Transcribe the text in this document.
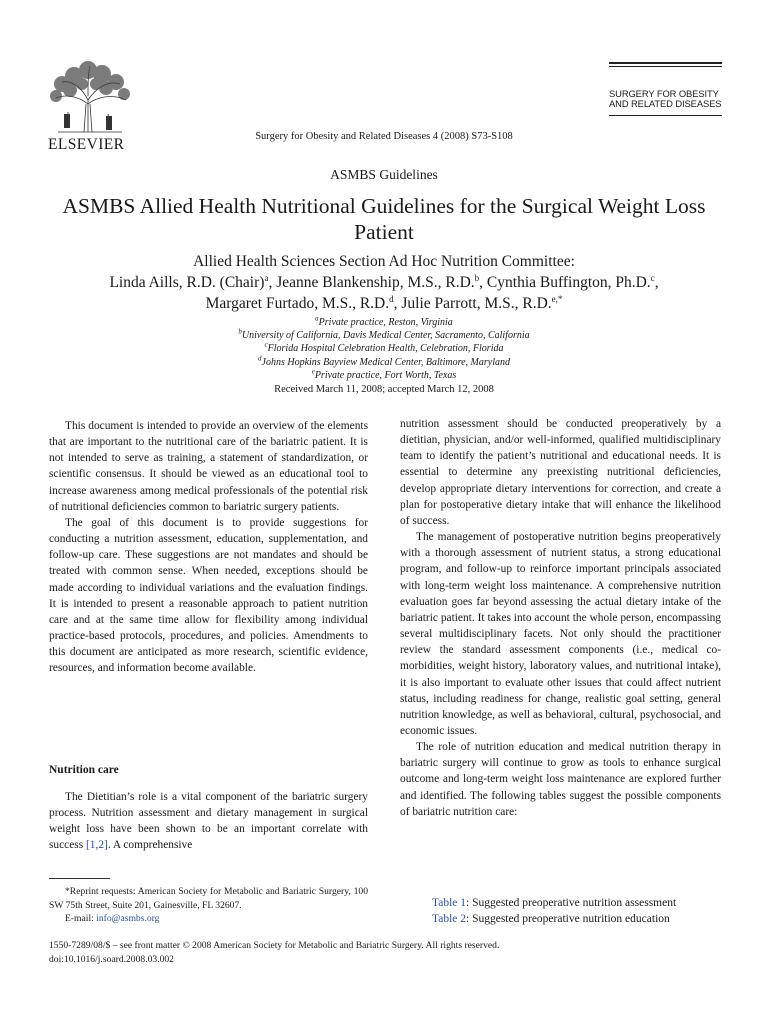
ELSEVIER	Surgery for Obesity and Related Diseases 4 (2008) S73-S108
SURGERY FOR OBESITY
AND RELATED DISEASES
ASMBS Guidelines
ASMBS Allied Health Nutritional Guidelines for the Surgical Weight Loss Patient
Allied Health Sciences Section Ad Hoc Nutrition Committee:
Linda Aills, R.D. (Chair)$^a$, Jeanne Blankenship, M.S., R.D.$^b$, Cynthia Buffington, Ph.D.$^c$,
Margaret Furtado, M.S., R.D.$^d$, Julie Parrott, M.S., R.D.$^{e,*}$
$^a$Private practice, Reston, Virginia
$^b$University of California, Davis Medical Center, Sacramento, California
$^c$Florida Hospital Celebration Health, Celebration, Florida
$^d$Johns Hopkins Bayview Medical Center, Baltimore, Maryland
$^e$Private practice, Fort Worth, Texas
Received March 11, 2008; accepted March 12, 2008

This document is intended to provide an overview of the elements that are important to the nutritional care of the bariatric patient. It is not intended to serve as training, a statement of standardization, or scientific consensus. It should be viewed as an educational tool to increase awareness among medical professionals of the potential risk of nutritional deficiencies common to bariatric surgery patients.

The goal of this document is to provide suggestions for conducting a nutrition assessment, education, supplementation, and follow-up care. These suggestions are not mandates and should be treated with common sense. When needed, exceptions should be made according to individual variations and the evaluation findings. It is intended to present a reasonable approach to patient nutrition care and at the same time allow for flexibility among individual practice-based protocols, procedures, and policies. Amendments to this document are anticipated as more research, scientific evidence, resources, and information become available.

Nutrition care

The Dietitian’s role is a vital component of the bariatric surgery process. Nutrition assessment and dietary management in surgical weight loss have been shown to be an important correlate with success [1,2]. A comprehensive

*Reprint requests: American Society for Metabolic and Bariatric Surgery, 100 SW 75th Street, Suite 201, Gainesville, FL 32607.

E-mail: info@asmbs.org

nutrition assessment should be conducted preoperatively by a dietitian, physician, and/or well-informed, qualified multidisciplinary team to identify the patient’s nutritional and educational needs. It is essential to determine any preexisting nutritional deficiencies, develop appropriate dietary interventions for correction, and create a plan for postoperative dietary intake that will enhance the likelihood of success.

The management of postoperative nutrition begins preoperatively with a thorough assessment of nutrient status, a strong educational program, and follow-up to reinforce important principals associated with long-term weight loss maintenance. A comprehensive nutrition evaluation goes far beyond assessing the actual dietary intake of the bariatric patient. It takes into account the whole person, encompassing several multidisciplinary facets. Not only should the practitioner review the standard assessment components (i.e., medical co-morbidities, weight history, laboratory values, and nutritional intake), it is also important to evaluate other issues that could affect nutrient status, including readiness for change, realistic goal setting, general nutrition knowledge, as well as behavioral, cultural, psychosocial, and economic issues.

The role of nutrition education and medical nutrition therapy in bariatric surgery will continue to grow as tools to enhance surgical outcome and long-term weight loss maintenance are explored further and identified. The following tables suggest the possible components of bariatric nutrition care:

Table 1: Suggested preoperative nutrition assessment
Table 2: Suggested preoperative nutrition education
1550-7289/08/$ – see front matter © 2008 American Society for Metabolic and Bariatric Surgery. All rights reserved.
doi:10.1016/j.soard.2008.03.002
